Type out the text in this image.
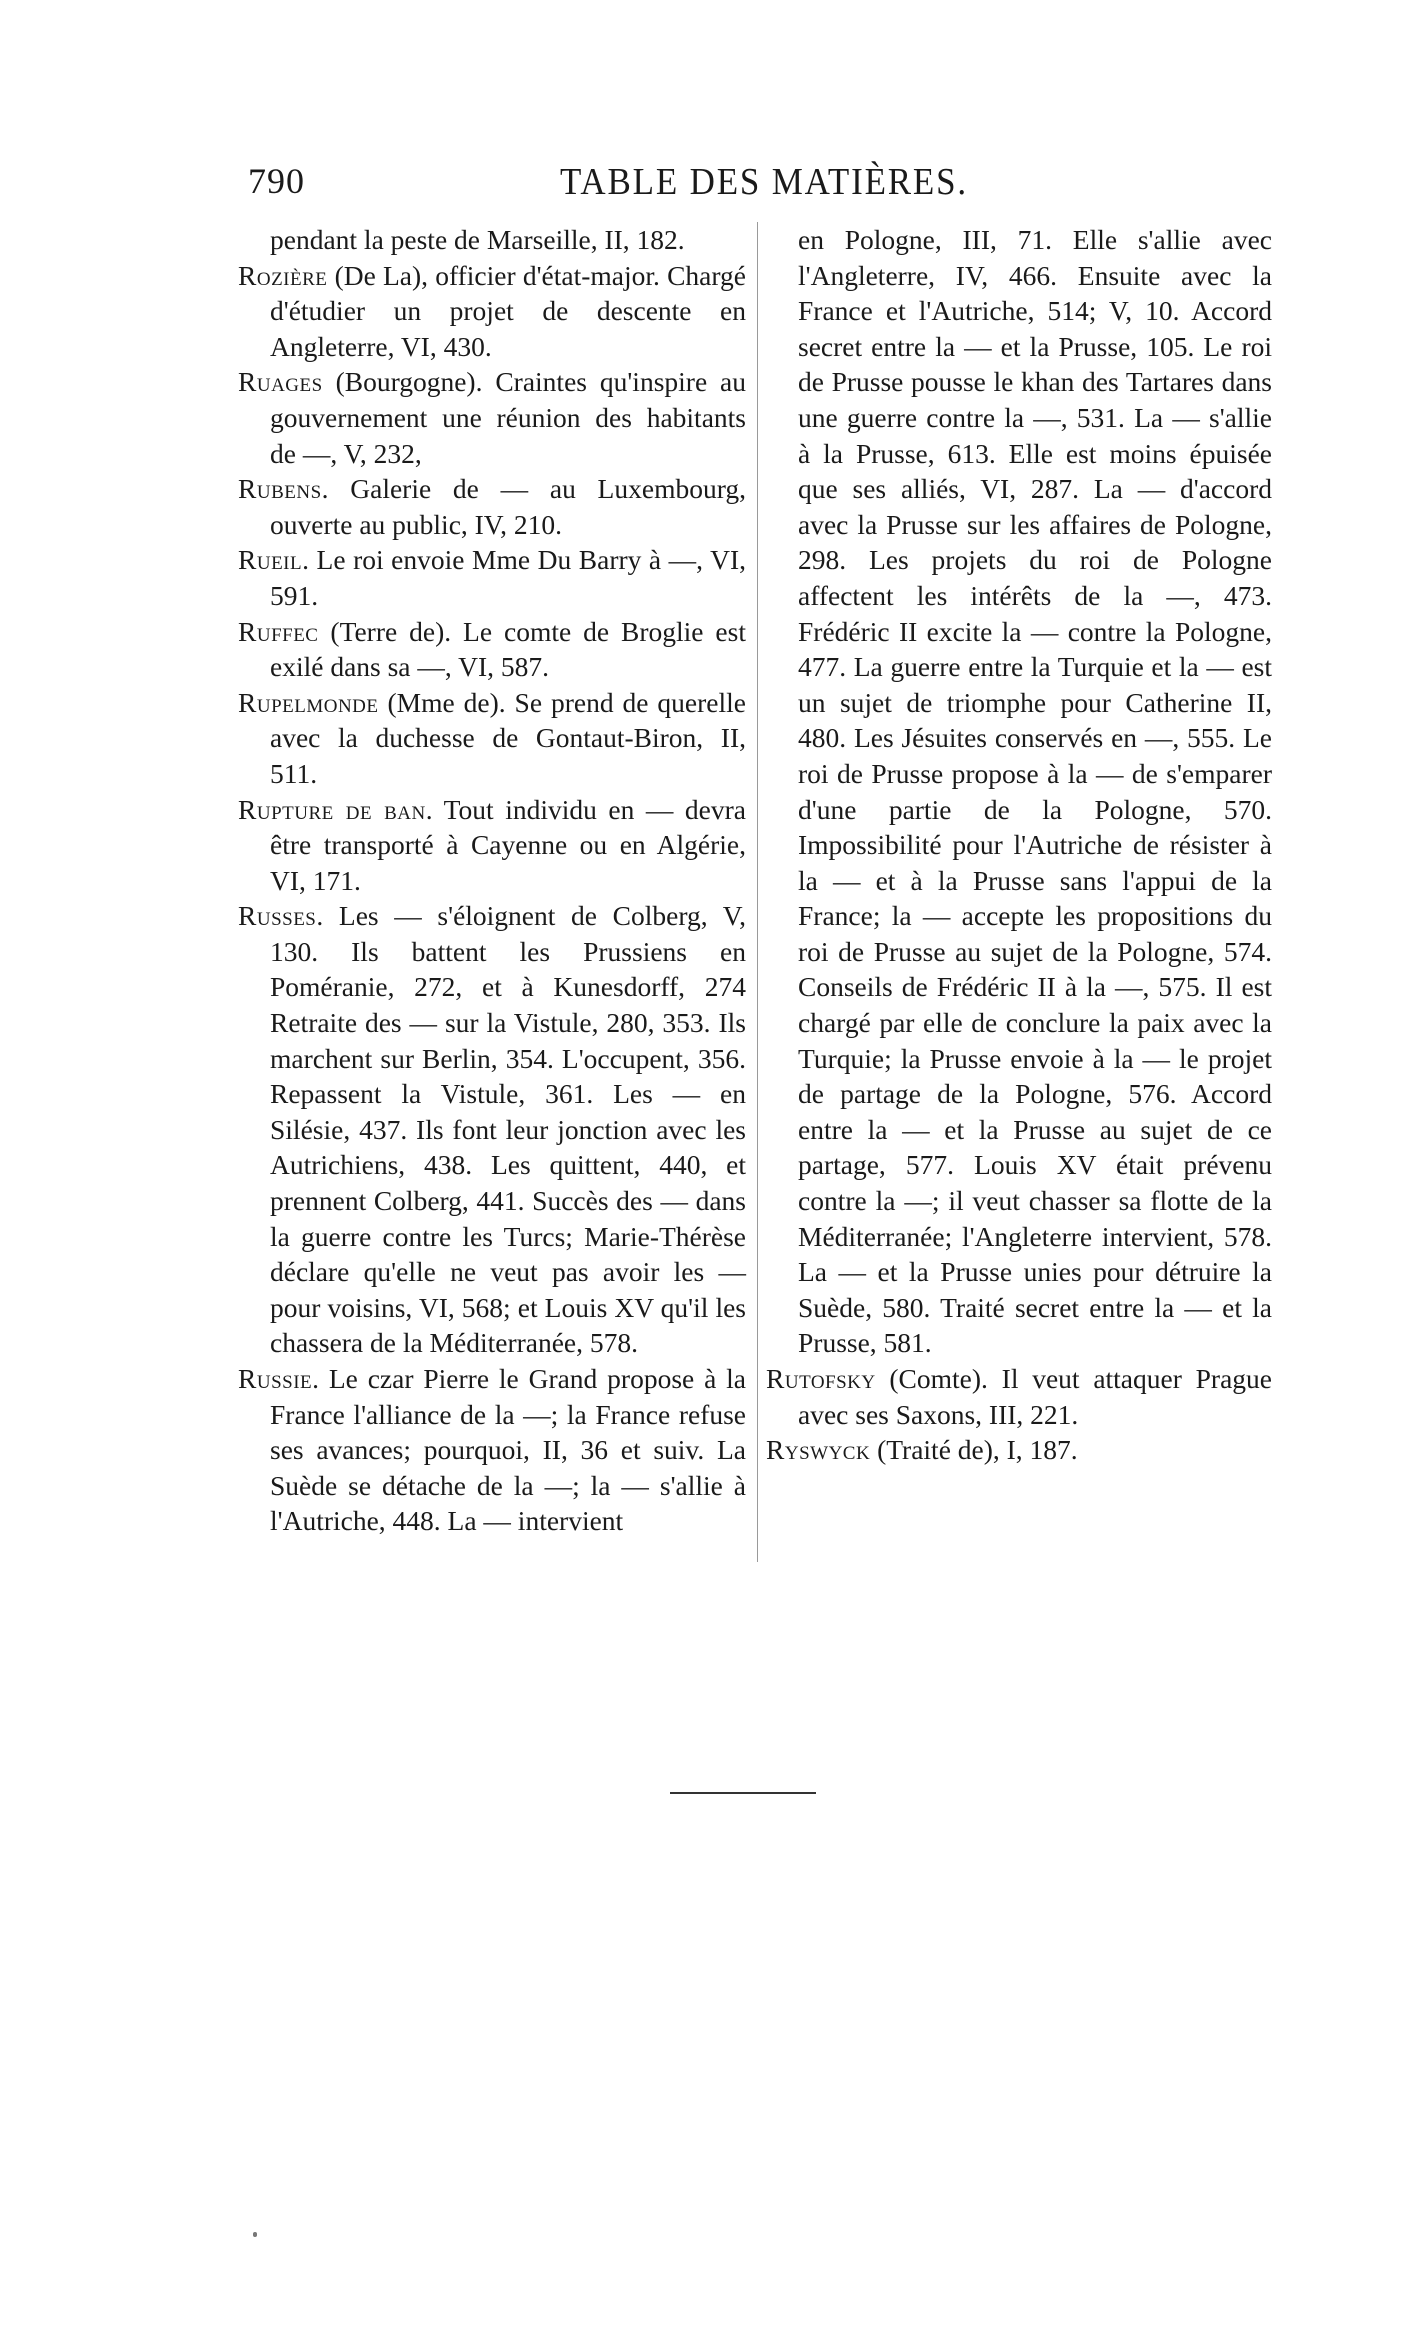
790	TABLE DES MATIÈRES.

pendant la peste de Marseille, II, 182.

Rozière (De La), officier d'état-major. Chargé d'étudier un projet de descente en Angleterre, VI, 430.

Ruages (Bourgogne). Craintes qu'inspire au gouvernement une réunion des habitants de —, V, 232,

Rubens. Galerie de — au Luxembourg, ouverte au public, IV, 210.

Rueil. Le roi envoie Mme Du Barry à —, VI, 591.

Ruffec (Terre de). Le comte de Broglie est exilé dans sa —, VI, 587.

Rupelmonde (Mme de). Se prend de querelle avec la duchesse de Gontaut-Biron, II, 511.

Rupture de ban. Tout individu en — devra être transporté à Cayenne ou en Algérie, VI, 171.

Russes. Les — s'éloignent de Colberg, V, 130. Ils battent les Prussiens en Poméranie, 272, et à Kunesdorff, 274 Retraite des — sur la Vistule, 280, 353. Ils marchent sur Berlin, 354. L'occupent, 356. Repassent la Vistule, 361. Les — en Silésie, 437. Ils font leur jonction avec les Autrichiens, 438. Les quittent, 440, et prennent Colberg, 441. Succès des — dans la guerre contre les Turcs; Marie-Thérèse déclare qu'elle ne veut pas avoir les — pour voisins, VI, 568; et Louis XV qu'il les chassera de la Méditerranée, 578.

Russie. Le czar Pierre le Grand propose à la France l'alliance de la —; la France refuse ses avances; pourquoi, II, 36 et suiv. La Suède se détache de la —; la — s'allie à l'Autriche, 448. La — intervient

en Pologne, III, 71. Elle s'allie avec l'Angleterre, IV, 466. Ensuite avec la France et l'Autriche, 514; V, 10. Accord secret entre la — et la Prusse, 105. Le roi de Prusse pousse le khan des Tartares dans une guerre contre la —, 531. La — s'allie à la Prusse, 613. Elle est moins épuisée que ses alliés, VI, 287. La — d'accord avec la Prusse sur les affaires de Pologne, 298. Les projets du roi de Pologne affectent les intérêts de la —, 473. Frédéric II excite la — contre la Pologne, 477. La guerre entre la Turquie et la — est un sujet de triomphe pour Catherine II, 480. Les Jésuites conservés en —, 555. Le roi de Prusse propose à la — de s'emparer d'une partie de la Pologne, 570. Impossibilité pour l'Autriche de résister à la — et à la Prusse sans l'appui de la France; la — accepte les propositions du roi de Prusse au sujet de la Pologne, 574. Conseils de Frédéric II à la —, 575. Il est chargé par elle de conclure la paix avec la Turquie; la Prusse envoie à la — le projet de partage de la Pologne, 576. Accord entre la — et la Prusse au sujet de ce partage, 577. Louis XV était prévenu contre la —; il veut chasser sa flotte de la Méditerranée; l'Angleterre intervient, 578. La — et la Prusse unies pour détruire la Suède, 580. Traité secret entre la — et la Prusse, 581.

Rutofsky (Comte). Il veut attaquer Prague avec ses Saxons, III, 221.

Ryswyck (Traité de), I, 187.
